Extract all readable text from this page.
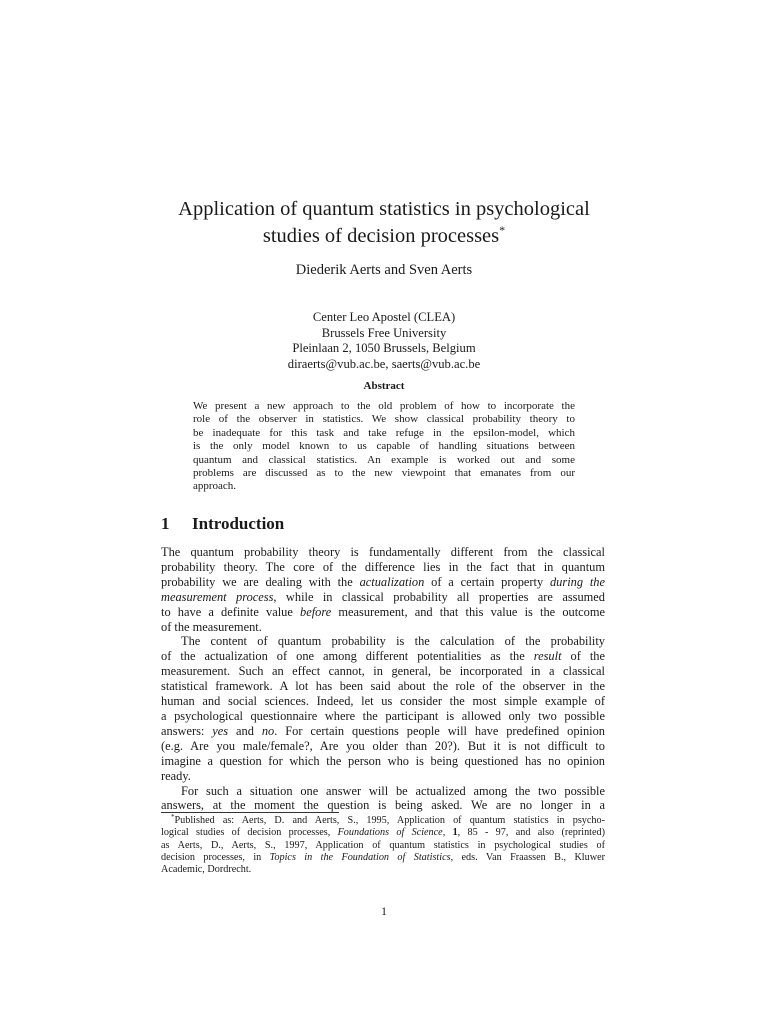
Application of quantum statistics in psychological
studies of decision processes*
Diederik Aerts and Sven Aerts
Center Leo Apostel (CLEA)
Brussels Free University
Pleinlaan 2, 1050 Brussels, Belgium
diraerts@vub.ac.be, saerts@vub.ac.be
Abstract
We present a new approach to the old problem of how to incorporate the
role of the observer in statistics. We show classical probability theory to
be inadequate for this task and take refuge in the epsilon-model, which
is the only model known to us capable of handling situations between
quantum and classical statistics. An example is worked out and some
problems are discussed as to the new viewpoint that emanates from our
approach.
1 Introduction
The quantum probability theory is fundamentally different from the classical
probability theory. The core of the difference lies in the fact that in quantum
probability we are dealing with the actualization of a certain property during the
measurement process, while in classical probability all properties are assumed
to have a definite value before measurement, and that this value is the outcome
of the measurement.
The content of quantum probability is the calculation of the probability
of the actualization of one among different potentialities as the result of the
measurement. Such an effect cannot, in general, be incorporated in a classical
statistical framework. A lot has been said about the role of the observer in the
human and social sciences. Indeed, let us consider the most simple example of
a psychological questionnaire where the participant is allowed only two possible
answers: yes and no. For certain questions people will have predefined opinion
(e.g. Are you male/female?, Are you older than 20?). But it is not difficult to
imagine a question for which the person who is being questioned has no opinion
ready.
For such a situation one answer will be actualized among the two possible
answers, at the moment the question is being asked. We are no longer in a
*Published as: Aerts, D. and Aerts, S., 1995, Application of quantum statistics in psycho-
logical studies of decision processes, Foundations of Science, 1, 85 - 97, and also (reprinted)
as Aerts, D., Aerts, S., 1997, Application of quantum statistics in psychological studies of
decision processes, in Topics in the Foundation of Statistics, eds. Van Fraassen B., Kluwer
Academic, Dordrecht.
1
